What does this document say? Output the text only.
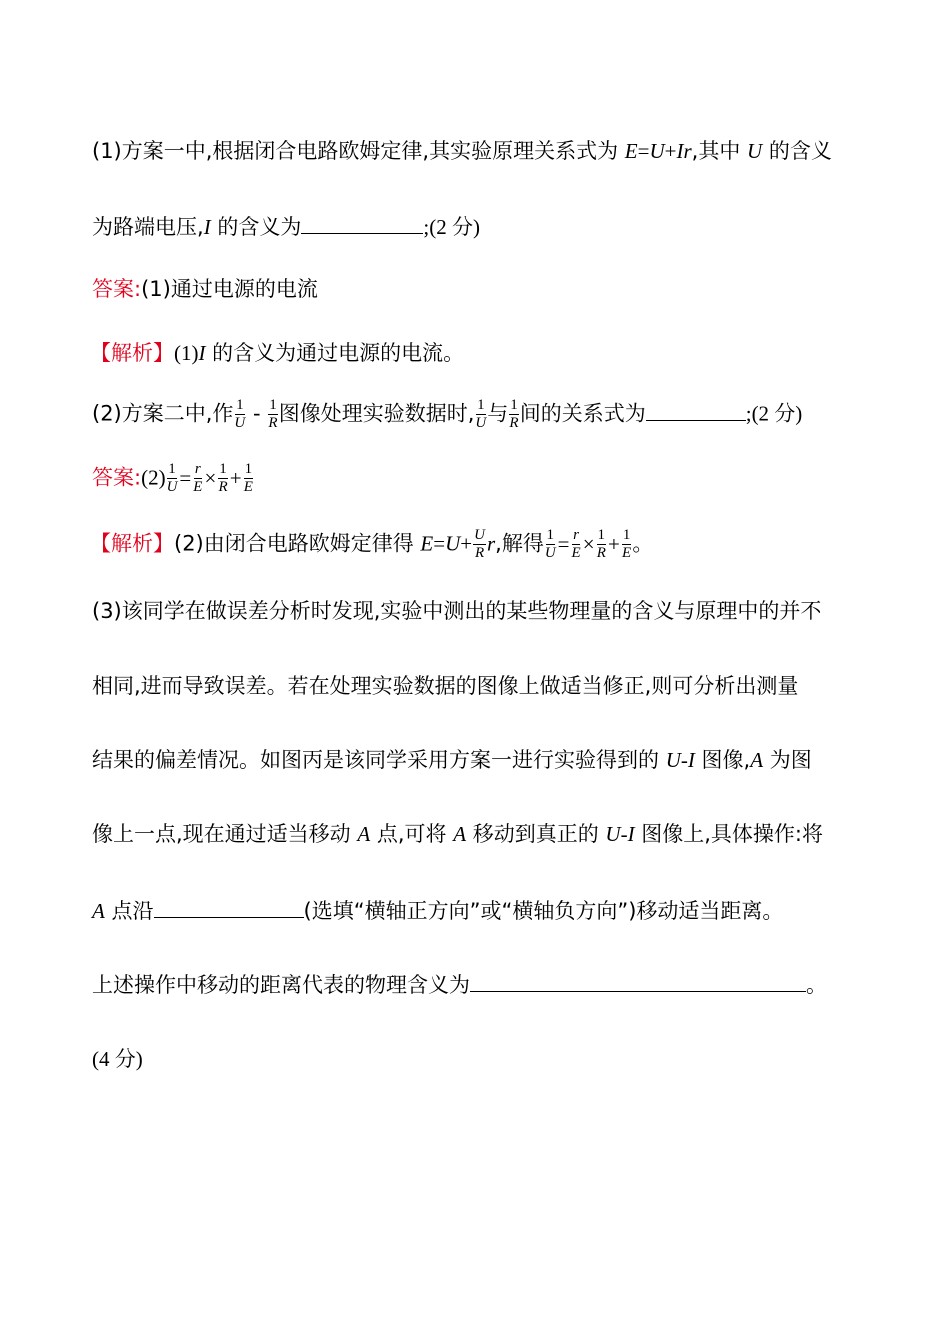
(1)方案一中,根据闭合电路欧姆定律,其实验原理关系式为 E=U+Ir,其中 U 的含义
为路端电压,I 的含义为	;(2 分)
答案:(1)通过电源的电流
【解析】(1)I 的含义为通过电源的电流。
(2)方案二中,作 $\frac{1}{U} - \frac{1}{R}$ 图像处理实验数据时, $\frac{1}{U}$ 与 $\frac{1}{R}$ 间的关系式为	;(2 分)
答案:(2) $\frac{1}{U} = \frac{r}{E} \times \frac{1}{R} + \frac{1}{E}$
【解析】(2)由闭合电路欧姆定律得 $E=U+ \frac{U}{R} r$,解得 $\frac{1}{U} = \frac{r}{E} \times \frac{1}{R} + \frac{1}{E}$ 。
(3)该同学在做误差分析时发现,实验中测出的某些物理量的含义与原理中的并不
相同,进而导致误差。若在处理实验数据的图像上做适当修正,则可分析出测量
结果的偏差情况。如图丙是该同学采用方案一进行实验得到的 U-I 图像,A 为图
像上一点,现在通过适当移动 A 点,可将 A 移动到真正的 U-I 图像上,具体操作:将
A 点沿	(选填“横轴正方向”或“横轴负方向”)移动适当距离。
上述操作中移动的距离代表的物理含义为	。
(4 分)
